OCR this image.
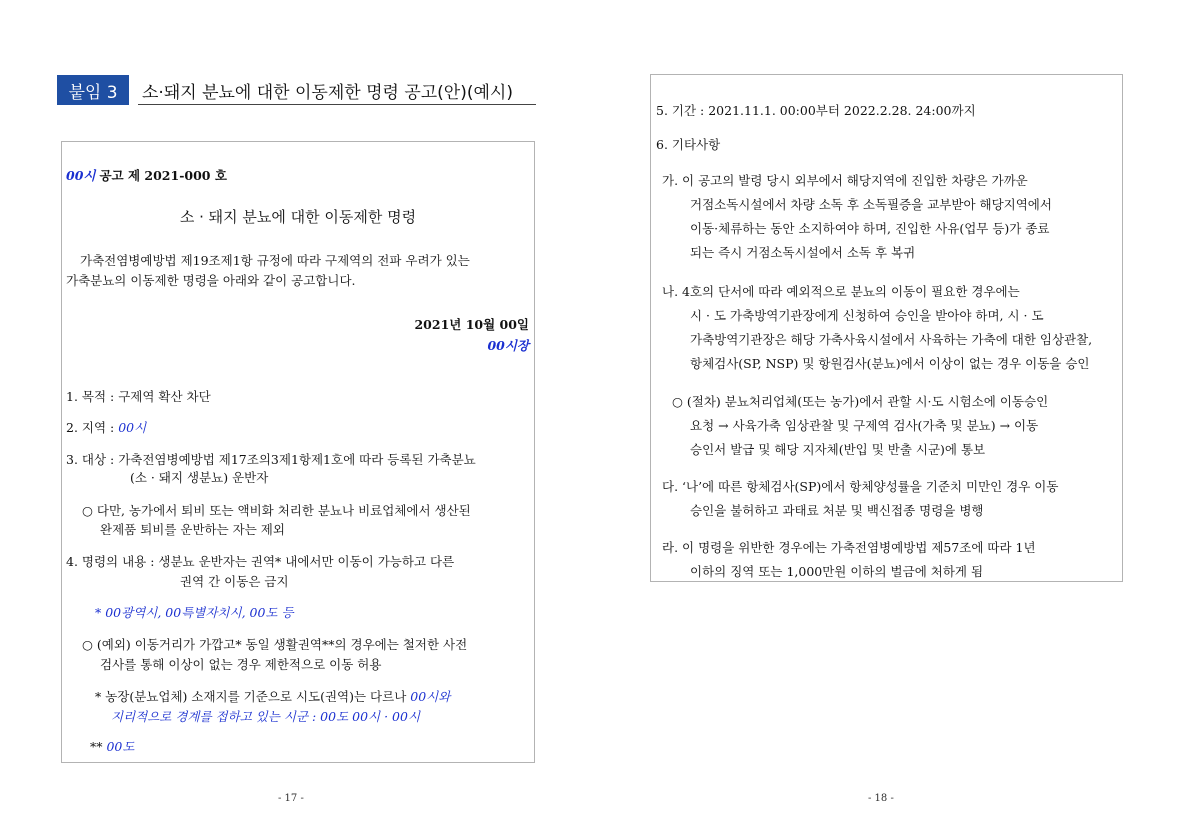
붙임 3	소·돼지 분뇨에 대한 이동제한 명령 공고(안)(예시)
00시 공고 제 2021-000 호
소 · 돼지 분뇨에 대한 이동제한 명령
가축전염병예방법 제19조제1항 규정에 따라 구제역의 전파 우려가 있는
가축분뇨의 이동제한 명령을 아래와 같이 공고합니다.
2021년 10월 00일
00시장
1. 목적 : 구제역 확산 차단
2. 지역 : 00시
3. 대상 : 가축전염병예방법 제17조의3제1항제1호에 따라 등록된 가축분뇨
(소 · 돼지 생분뇨) 운반자
○ 다만, 농가에서 퇴비 또는 액비화 처리한 분뇨나 비료업체에서 생산된
완제품 퇴비를 운반하는 자는 제외
4. 명령의 내용 : 생분뇨 운반자는 권역* 내에서만 이동이 가능하고 다른
권역 간 이동은 금지
* 00광역시, 00특별자치시, 00도 등
○ (예외) 이동거리가 가깝고* 동일 생활권역**의 경우에는 철저한 사전
검사를 통해 이상이 없는 경우 제한적으로 이동 허용
* 농장(분뇨업체) 소재지를 기준으로 시도(권역)는 다르나 00시와
지리적으로 경계를 접하고 있는 시군 : 00도 00시 · 00시
** 00도
- 17 -
5. 기간 : 2021.11.1. 00:00부터 2022.2.28. 24:00까지
6. 기타사항
가. 이 공고의 발령 당시 외부에서 해당지역에 진입한 차량은 가까운
거점소독시설에서 차량 소독 후 소독필증을 교부받아 해당지역에서
이동·체류하는 동안 소지하여야 하며, 진입한 사유(업무 등)가 종료
되는 즉시 거점소독시설에서 소독 후 복귀
나. 4호의 단서에 따라 예외적으로 분뇨의 이동이 필요한 경우에는
시 · 도 가축방역기관장에게 신청하여 승인을 받아야 하며, 시 · 도
가축방역기관장은 해당 가축사육시설에서 사육하는 가축에 대한 임상관찰,
항체검사(SP, NSP) 및 항원검사(분뇨)에서 이상이 없는 경우 이동을 승인
○ (절차) 분뇨처리업체(또는 농가)에서 관할 시·도 시험소에 이동승인
요청 → 사육가축 임상관찰 및 구제역 검사(가축 및 분뇨) → 이동
승인서 발급 및 해당 지자체(반입 및 반출 시군)에 통보
다. ‘나’에 따른 항체검사(SP)에서 항체양성률을 기준치 미만인 경우 이동
승인을 불허하고 과태료 처분 및 백신접종 명령을 병행
라. 이 명령을 위반한 경우에는 가축전염병예방법 제57조에 따라 1년
이하의 징역 또는 1,000만원 이하의 벌금에 처하게 됨
- 18 -
